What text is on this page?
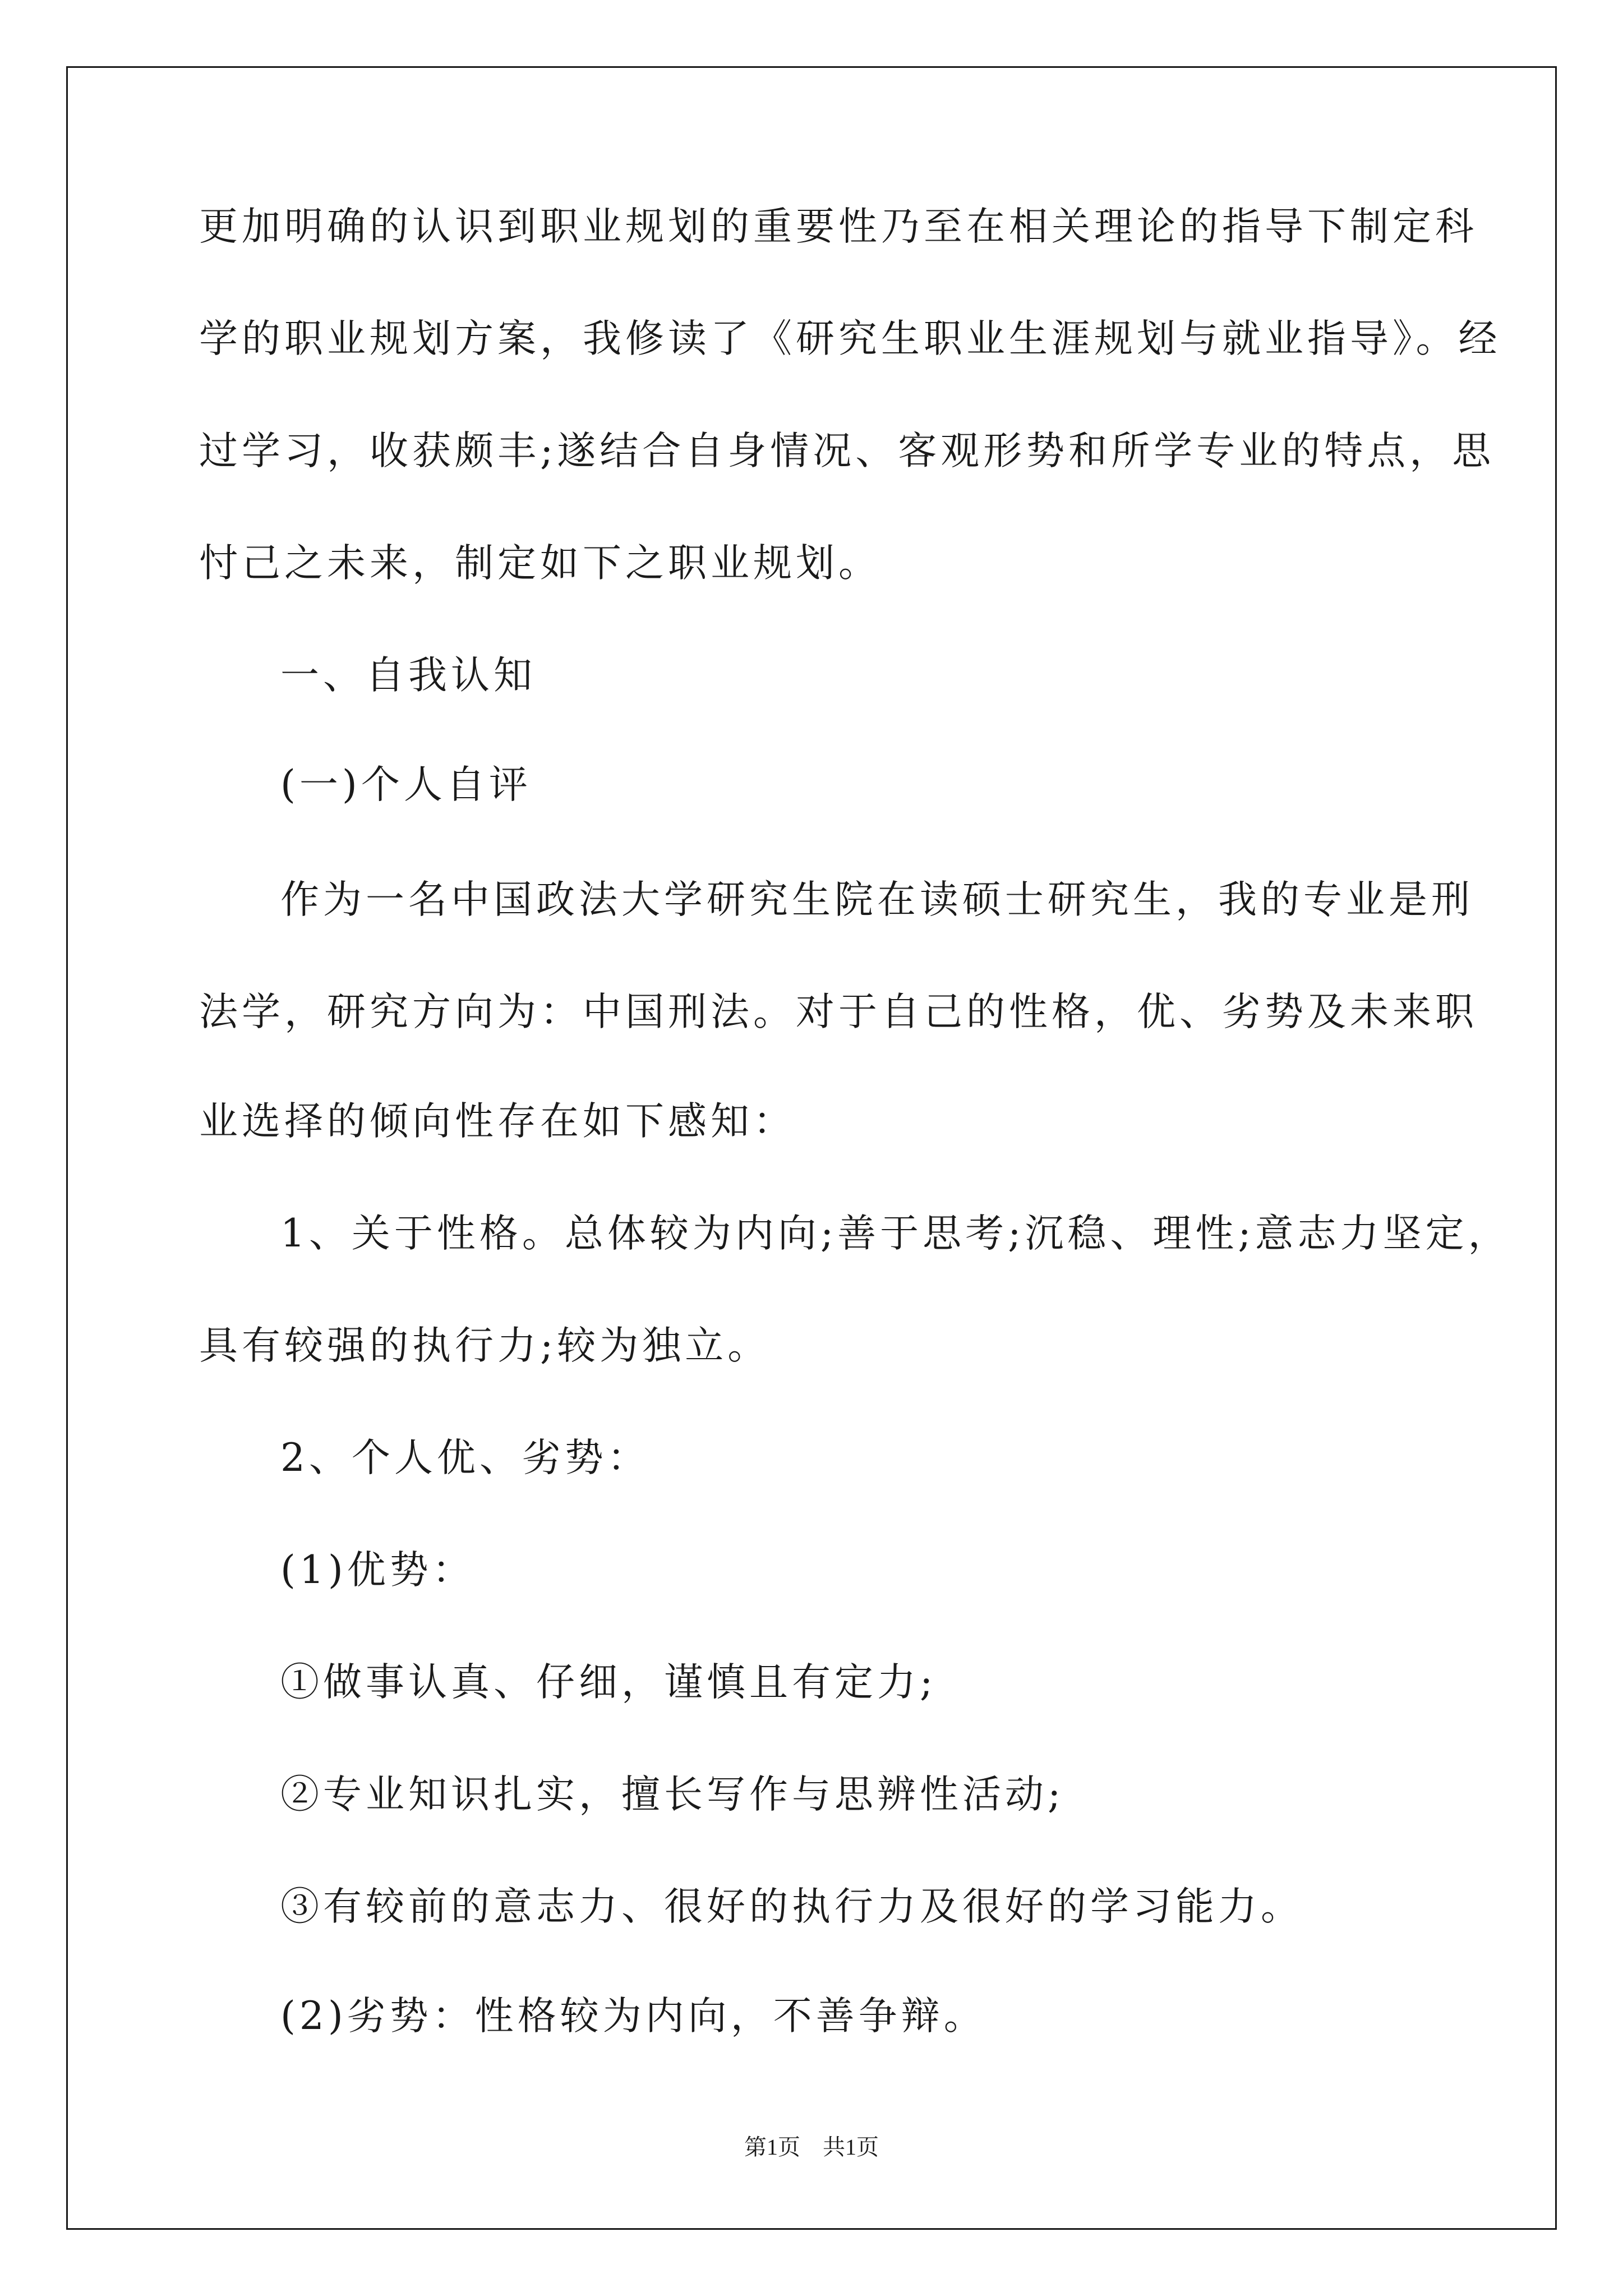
更加明确的认识到职业规划的重要性乃至在相关理论的指导下制定科
学的职业规划方案，我修读了《研究生职业生涯规划与就业指导》。经
过学习，收获颇丰;遂结合自身情况、客观形势和所学专业的特点，思
忖己之未来，制定如下之职业规划。
一、自我认知
(一)个人自评
作为一名中国政法大学研究生院在读硕士研究生，我的专业是刑
法学，研究方向为：中国刑法。对于自己的性格，优、劣势及未来职
业选择的倾向性存在如下感知：
1、关于性格。总体较为内向;善于思考;沉稳、理性;意志力坚定，
具有较强的执行力;较为独立。
2、个人优、劣势：
(1)优势：
①做事认真、仔细，谨慎且有定力;
②专业知识扎实，擅长写作与思辨性活动;
③有较前的意志力、很好的执行力及很好的学习能力。
(2)劣势：性格较为内向，不善争辩。
第1页 共1页
